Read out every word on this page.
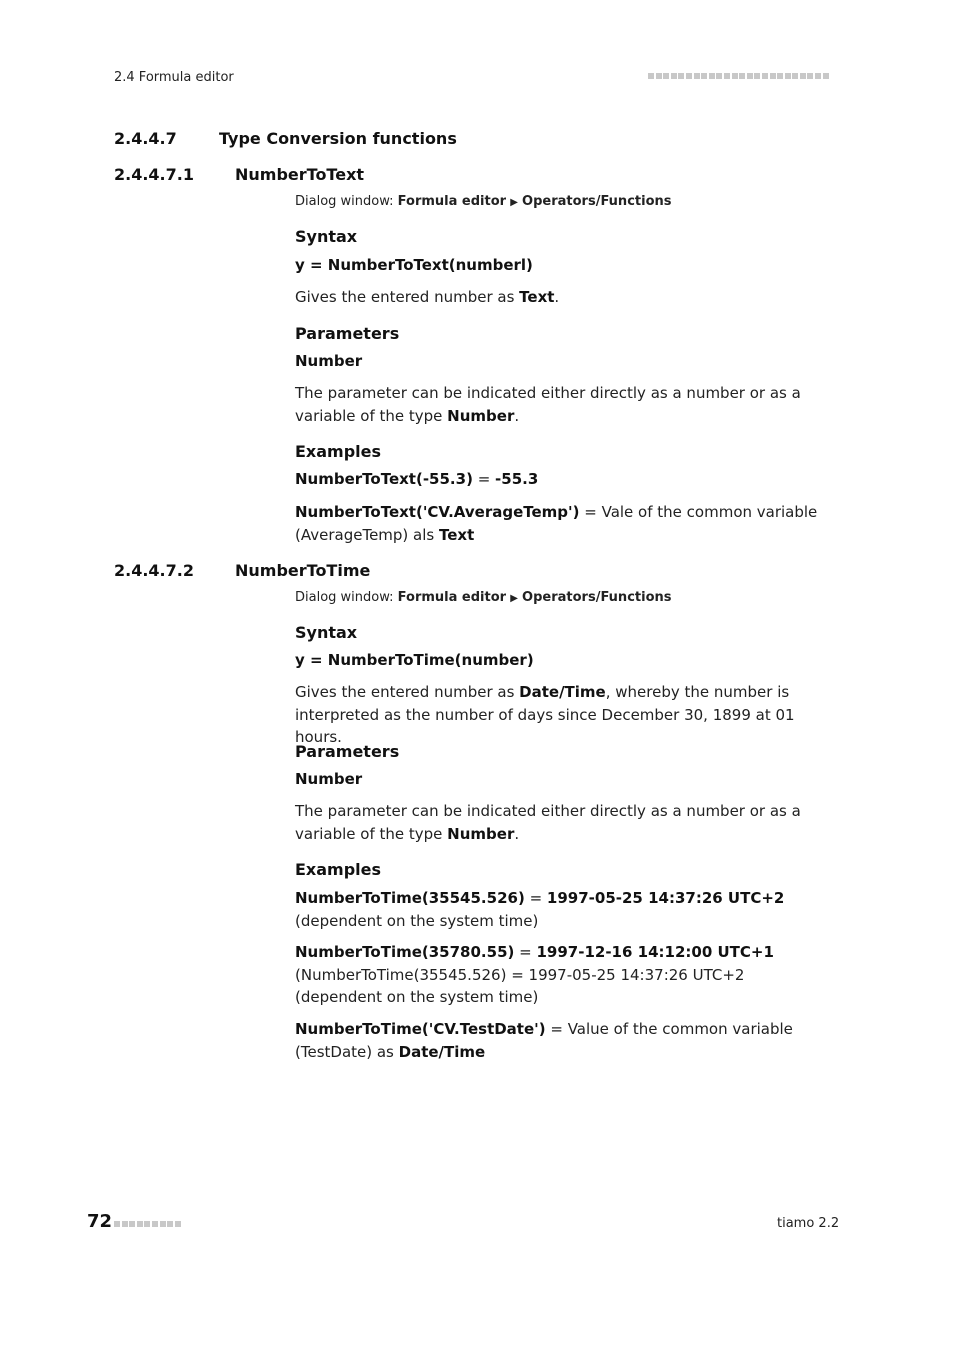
2.4 Formula editor
2.4.4.7	Type Conversion functions
2.4.4.7.1	NumberToText
Dialog window: Formula editor ▶ Operators/Functions
Syntax
y = NumberToText(numberl)
Gives the entered number as Text.
Parameters
Number
The parameter can be indicated either directly as a number or as a variable of the type Number.
Examples
NumberToText(-55.3) = -55.3
NumberToText('CV.AverageTemp') = Vale of the common variable (AverageTemp) als Text
2.4.4.7.2	NumberToTime
Dialog window: Formula editor ▶ Operators/Functions
Syntax
y = NumberToTime(number)
Gives the entered number as Date/Time, whereby the number is interpreted as the number of days since December 30, 1899 at 01 hours.
Parameters
Number
The parameter can be indicated either directly as a number or as a variable of the type Number.
Examples
NumberToTime(35545.526) = 1997-05-25 14:37:26 UTC+2
(dependent on the system time)
NumberToTime(35780.55) = 1997-12-16 14:12:00 UTC+1 (NumberToTime(35545.526) = 1997-05-25 14:37:26 UTC+2 (dependent on the system time)
NumberToTime('CV.TestDate') = Value of the common variable (TestDate) as Date/Time
72	tiamo 2.2
